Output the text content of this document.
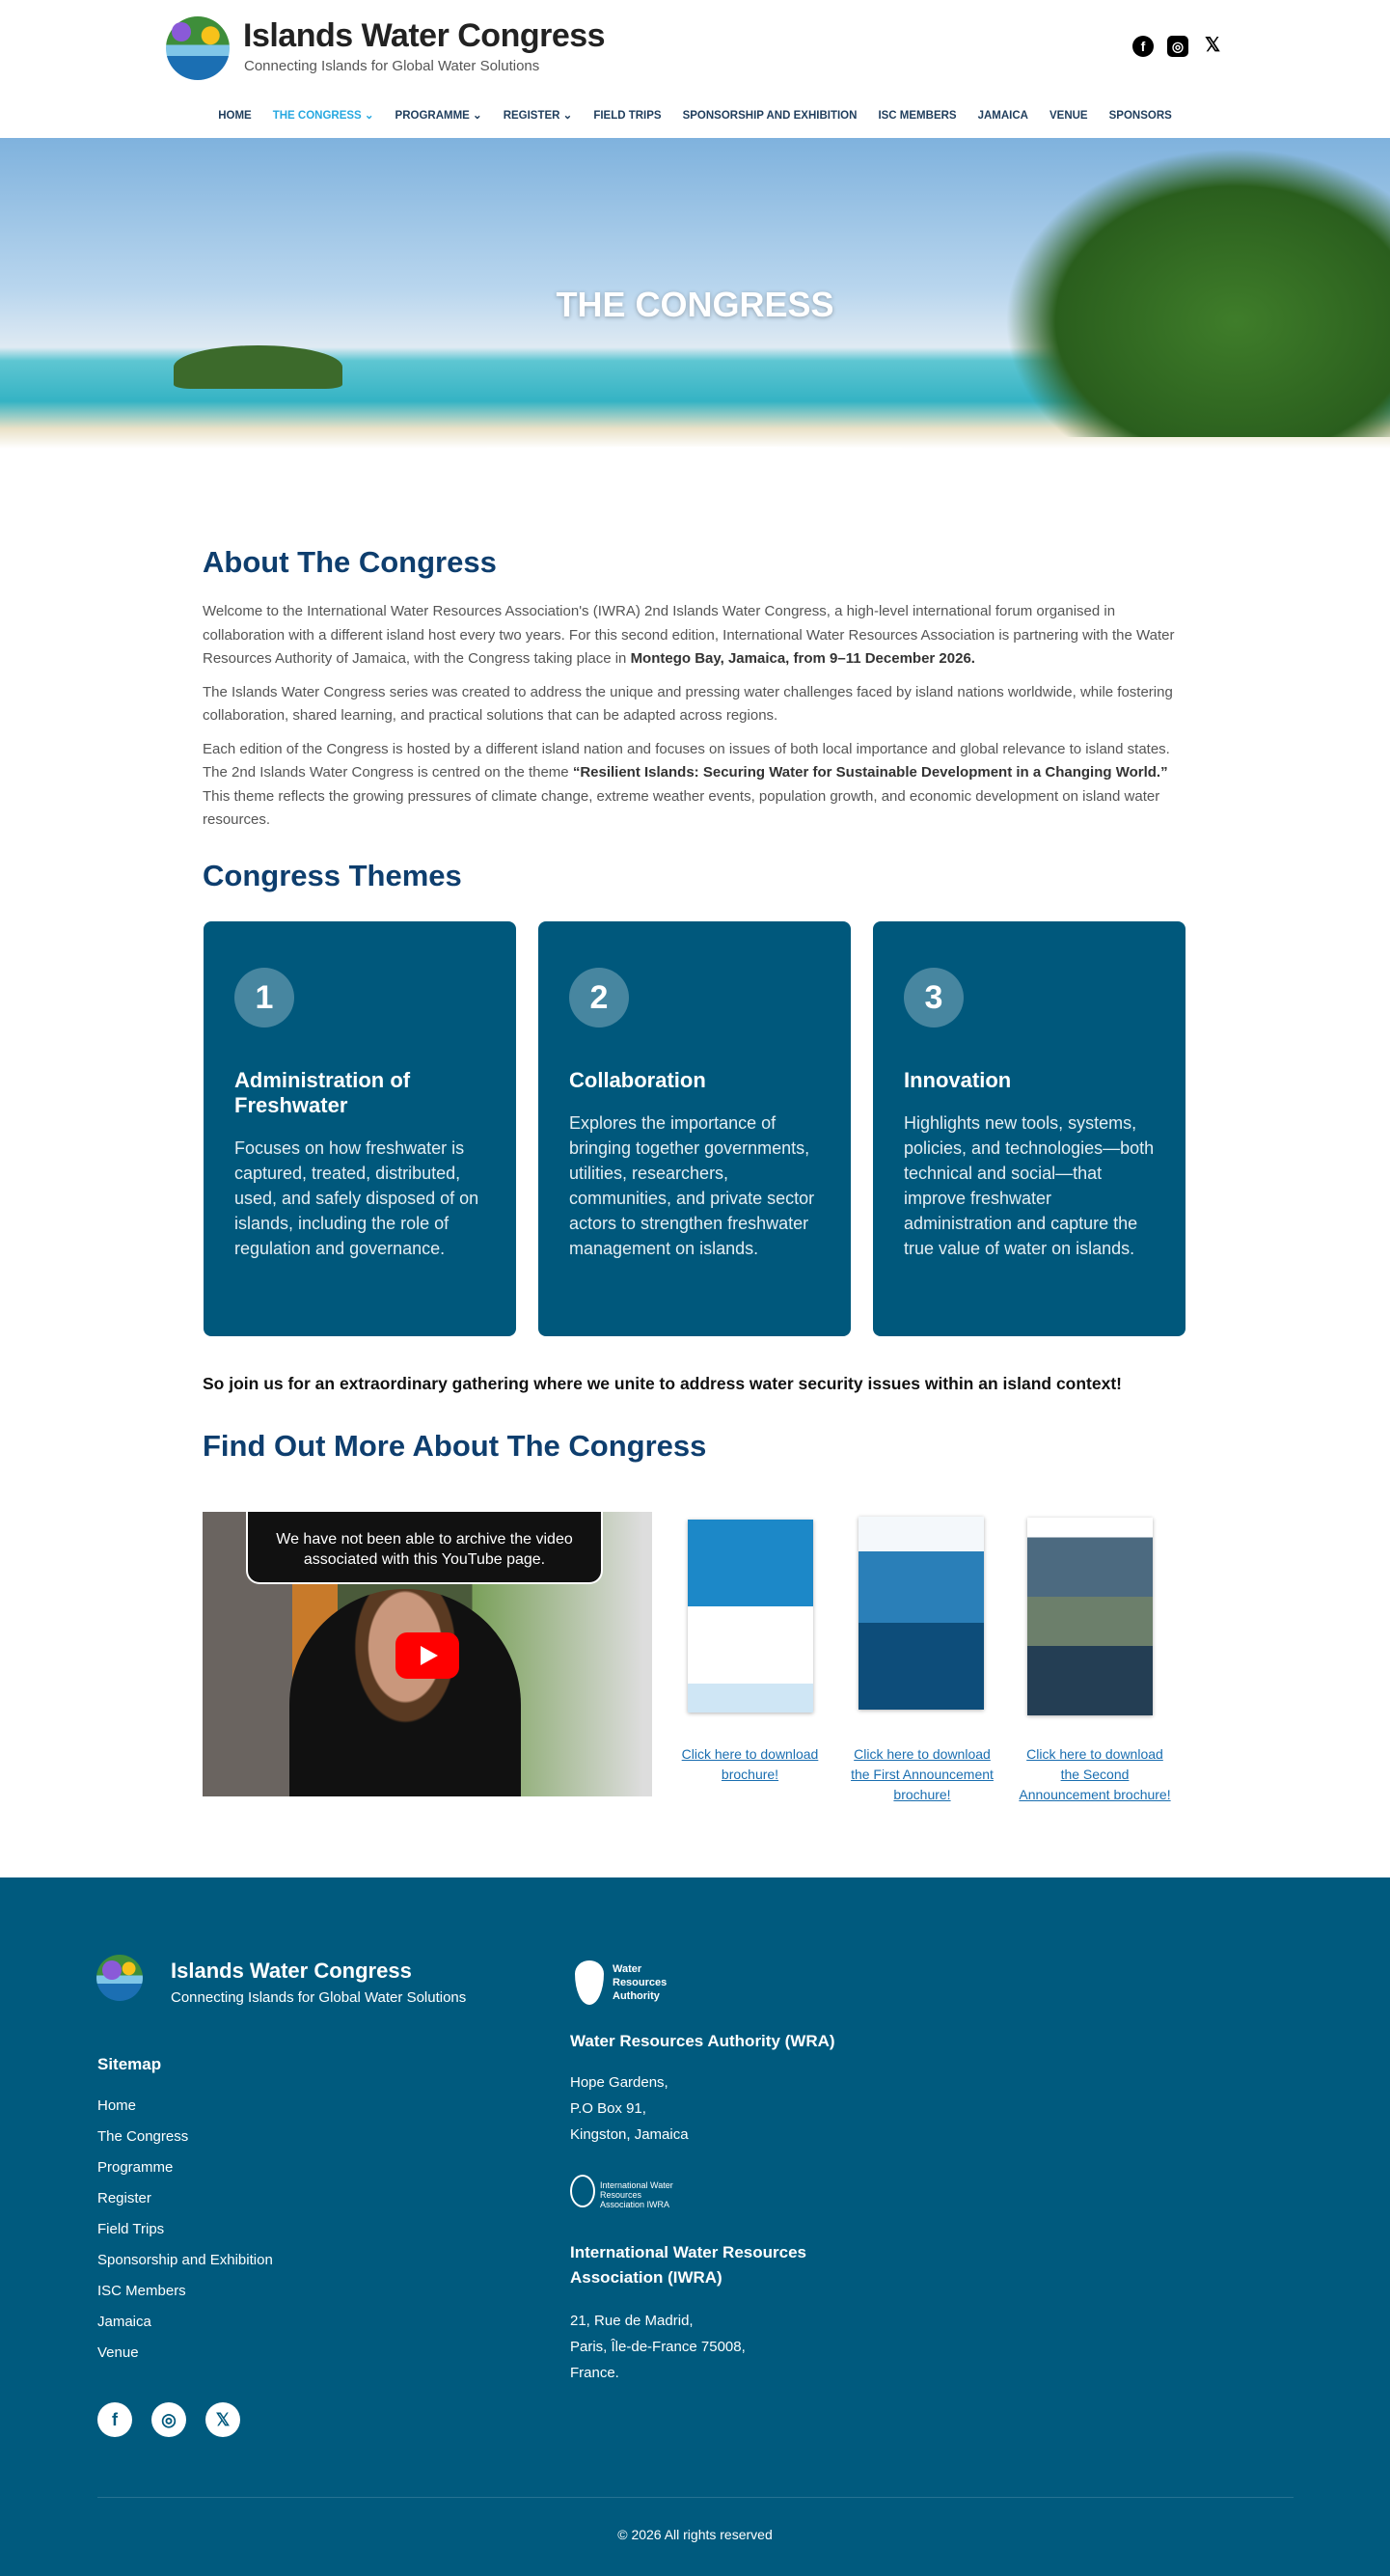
Islands Water Congress
Connecting Islands for Global Water Solutions
f ◎ 𝕏
HOME THE CONGRESS ⌄ PROGRAMME ⌄ REGISTER ⌄ FIELD TRIPS SPONSORSHIP AND EXHIBITION ISC MEMBERS JAMAICA VENUE SPONSORS
THE CONGRESS
About The Congress

Welcome to the International Water Resources Association's (IWRA) 2nd Islands Water Congress, a high-level international forum organised in collaboration with a different island host every two years. For this second edition, International Water Resources Association is partnering with the Water Resources Authority of Jamaica, with the Congress taking place in Montego Bay, Jamaica, from 9–11 December 2026.

The Islands Water Congress series was created to address the unique and pressing water challenges faced by island nations worldwide, while fostering collaboration, shared learning, and practical solutions that can be adapted across regions.

Each edition of the Congress is hosted by a different island nation and focuses on issues of both local importance and global relevance to island states. The 2nd Islands Water Congress is centred on the theme “Resilient Islands: Securing Water for Sustainable Development in a Changing World.” This theme reflects the growing pressures of climate change, extreme weather events, population growth, and economic development on island water resources.

Congress Themes
1
Administration of Freshwater

Focuses on how freshwater is captured, treated, distributed, used, and safely disposed of on islands, including the role of regulation and governance.

2
Collaboration

Explores the importance of bringing together governments, utilities, researchers, communities, and private sector actors to strengthen freshwater management on islands.

3
Innovation

Highlights new tools, systems, policies, and technologies—both technical and social—that improve freshwater administration and capture the true value of water on islands.

So join us for an extraordinary gathering where we unite to address water security issues within an island context!
Find Out More About The Congress
We have not been able to archive the video associated with this YouTube page.
Click here to download brochure!
Click here to download the First Announcement brochure!
Click here to download the Second Announcement brochure!
Islands Water Congress
Connecting Islands for Global Water Solutions
Sitemap
Home
The Congress
Programme
Register
Field Trips
Sponsorship and Exhibition
ISC Members
Jamaica
Venue
f	◎ 𝕏
Water Resources Authority
Water Resources Authority (WRA)
Hope Gardens,
P.O Box 91,
Kingston, Jamaica
International Water Resources Association IWRA
International Water Resources Association (IWRA)
21, Rue de Madrid,
Paris, Île-de-France 75008,
France.
© 2026 All rights reserved
